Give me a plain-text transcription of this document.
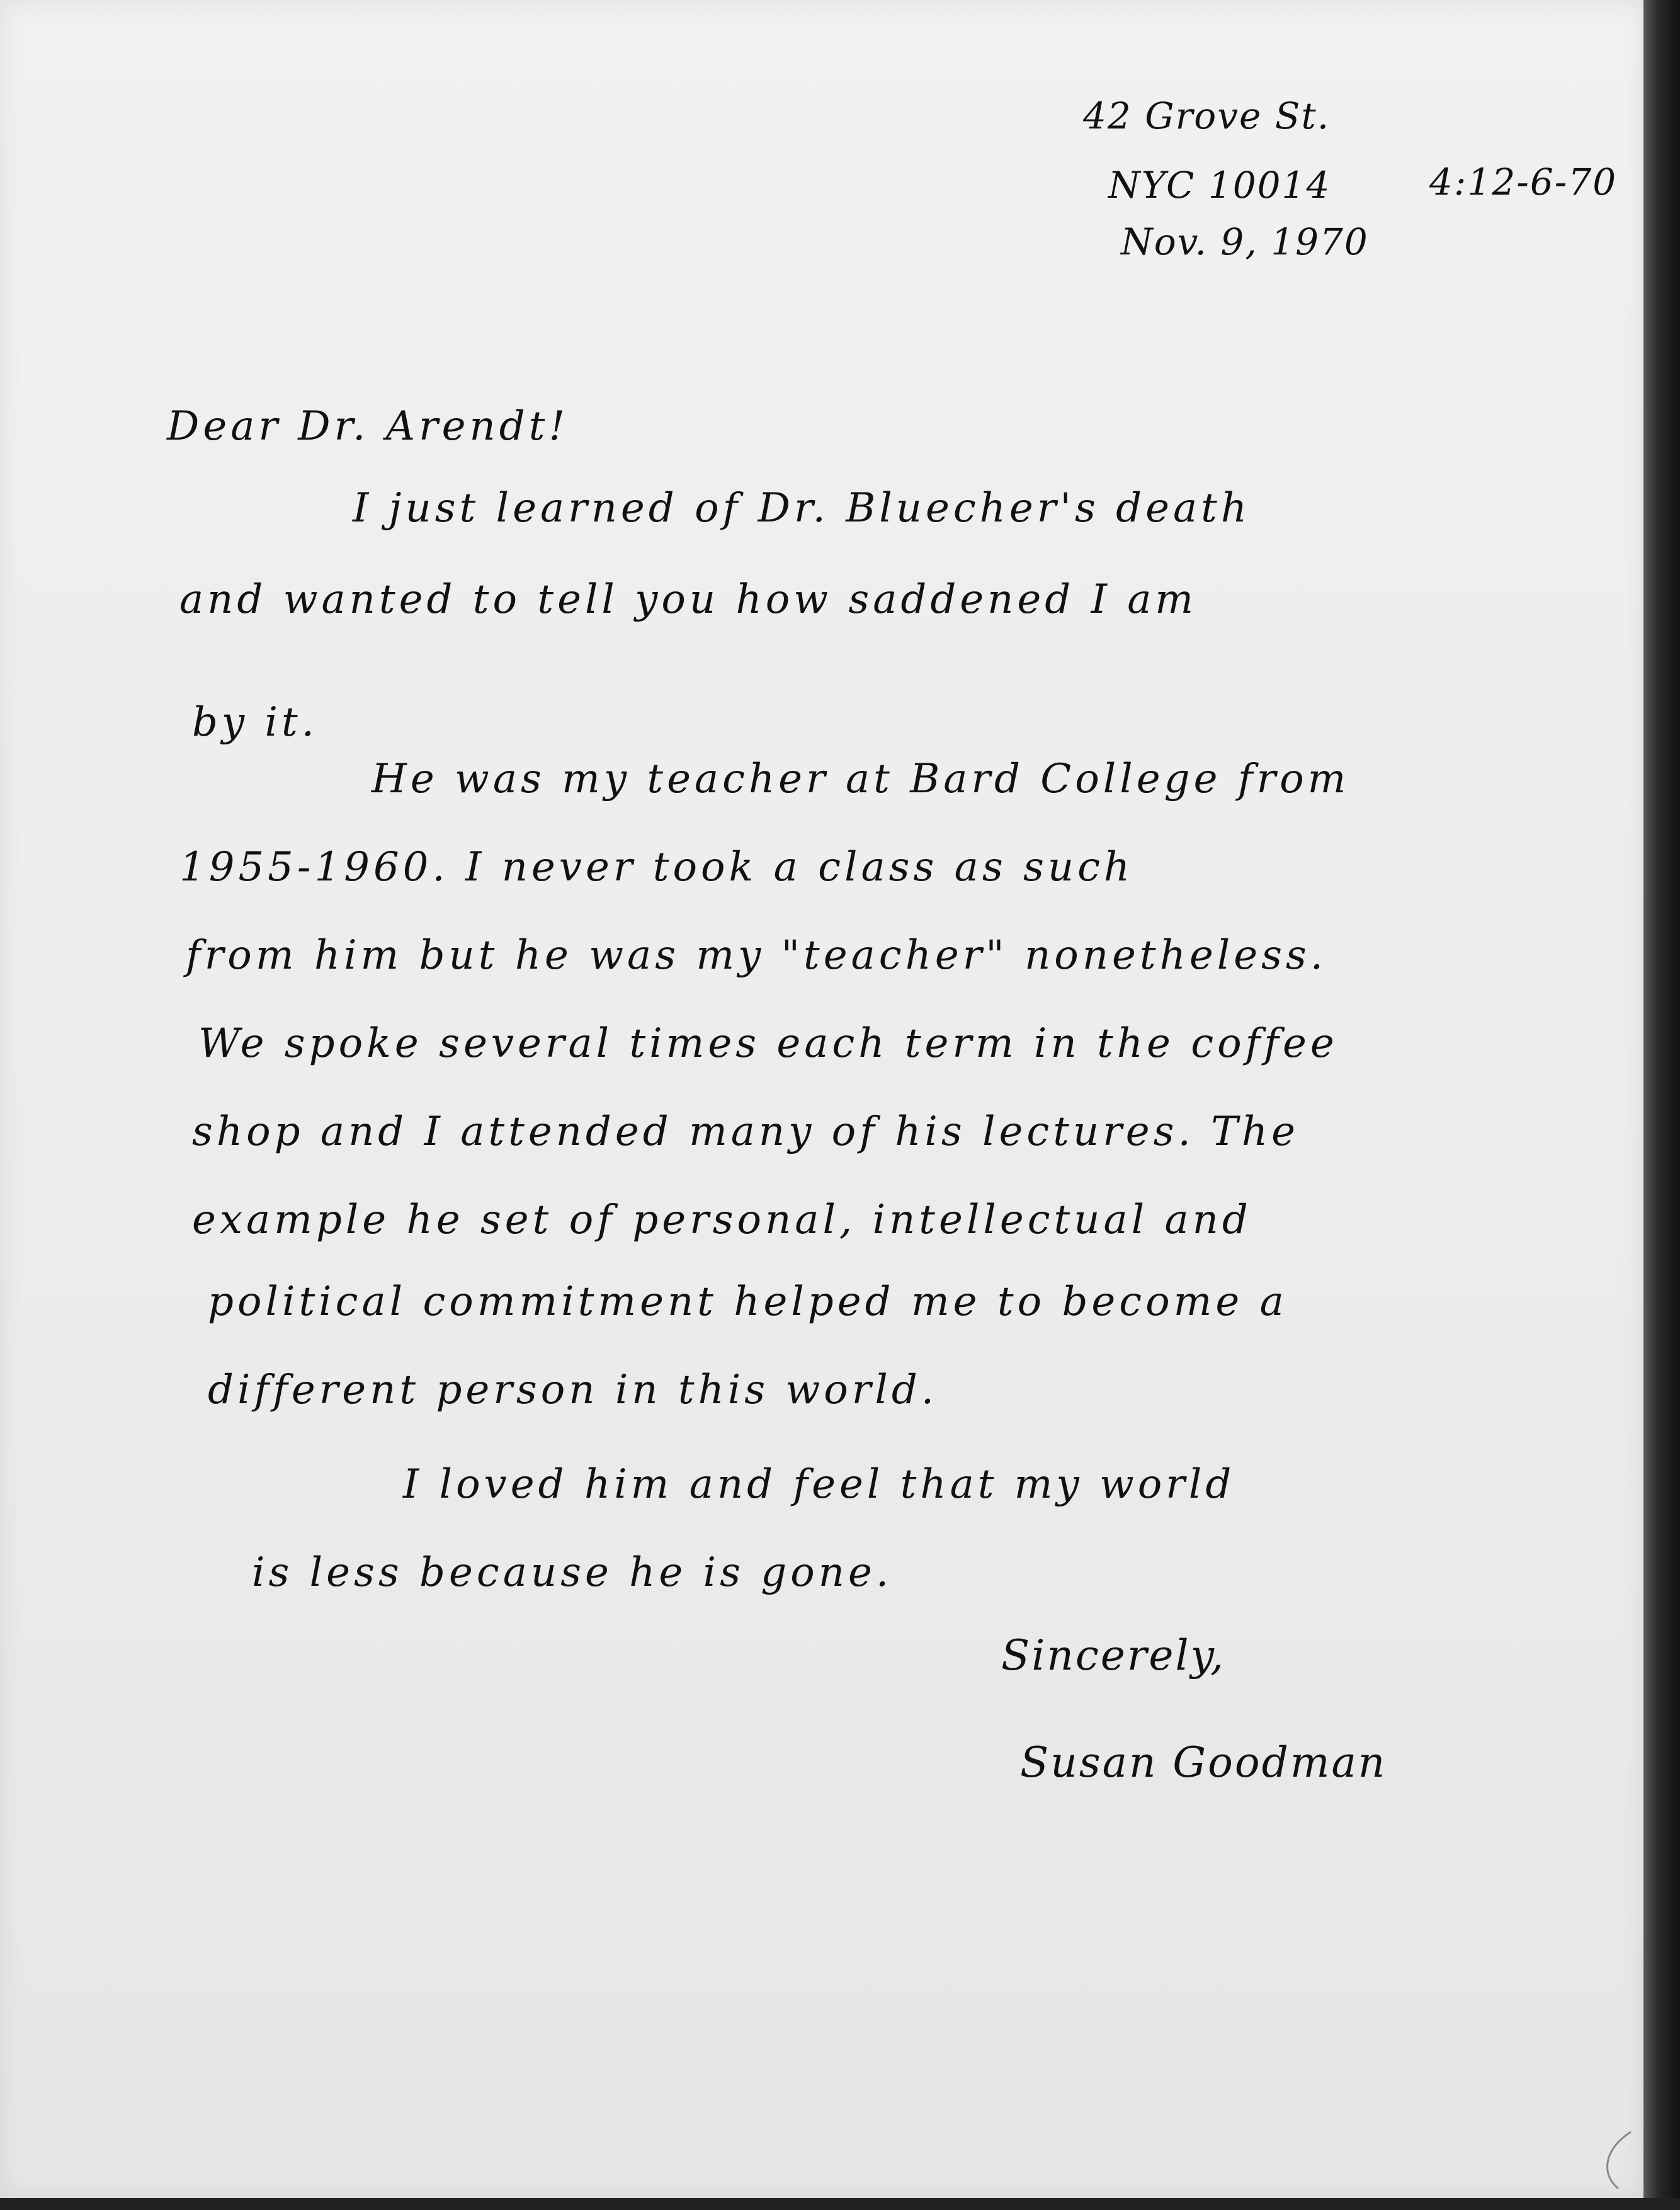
42 Grove St.
NYC 10014	4:12-6-70
Nov. 9, 1970
Dear Dr. Arendt!
I just learned of Dr. Bluecher's death
and wanted to tell you how saddened I am
by it.
He was my teacher at Bard College from
1955-1960. I never took a class as such
from him but he was my "teacher" nonetheless.
We spoke several times each term in the coffee
shop and I attended many of his lectures. The
example he set of personal, intellectual and
political commitment helped me to become a
different person in this world.
I loved him and feel that my world
is less because he is gone.
Sincerely,
Susan Goodman
